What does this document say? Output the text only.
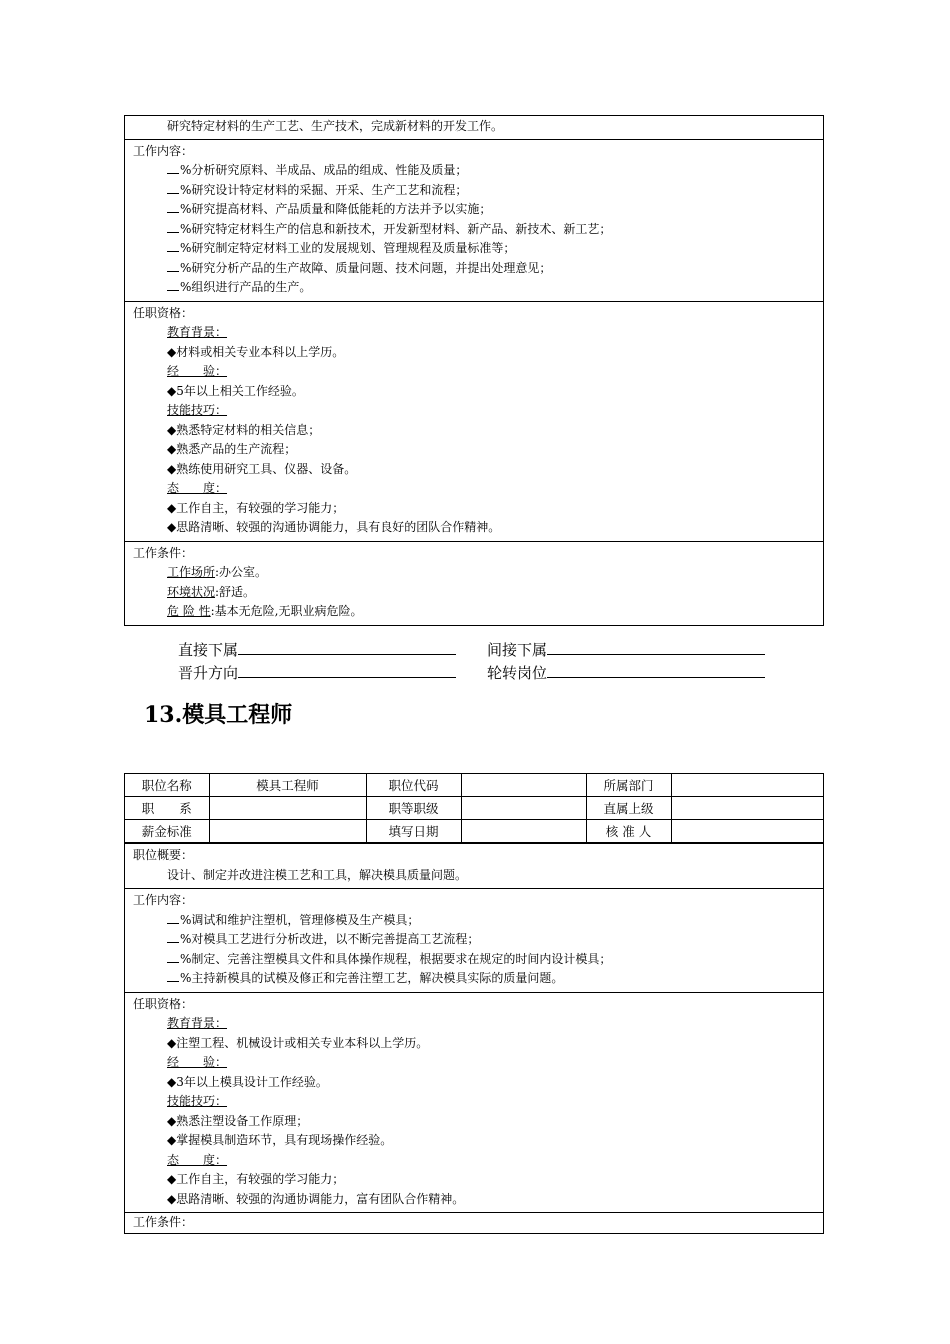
研究特定材料的生产工艺、生产技术，完成新材料的开发工作。
工作内容：
%分析研究原料、半成品、成品的组成、性能及质量；
%研究设计特定材料的采掘、开采、生产工艺和流程；
%研究提高材料、产品质量和降低能耗的方法并予以实施；
%研究特定材料生产的信息和新技术，开发新型材料、新产品、新技术、新工艺；
%研究制定特定材料工业的发展规划、管理规程及质量标准等；
%研究分析产品的生产故障、质量问题、技术问题，并提出处理意见；
%组织进行产品的生产。
任职资格：
教育背景：
◆材料或相关专业本科以上学历。
经　　验：
◆5年以上相关工作经验。
技能技巧：
◆熟悉特定材料的相关信息；
◆熟悉产品的生产流程；
◆熟练使用研究工具、仪器、设备。
态　　度：
◆工作自主，有较强的学习能力；
◆思路清晰、较强的沟通协调能力，具有良好的团队合作精神。
工作条件：
工作场所:办公室。
环境状况:舒适。
危 险 性:基本无危险,无职业病危险。
直接下属	间接下属
晋升方向	轮转岗位
13.模具工程师
职位名称	模具工程师	职位代码		所属部门	
职　　系		职等职级		直属上级	
薪金标准		填写日期		核 准 人	
职位概要：
设计、制定并改进注模工艺和工具，解决模具质量问题。
工作内容：
%调试和维护注塑机，管理修模及生产模具；
%对模具工艺进行分析改进，以不断完善提高工艺流程；
%制定、完善注塑模具文件和具体操作规程，根据要求在规定的时间内设计模具；
%主持新模具的试模及修正和完善注塑工艺，解决模具实际的质量问题。
任职资格：
教育背景：
◆注塑工程、机械设计或相关专业本科以上学历。
经　　验：
◆3年以上模具设计工作经验。
技能技巧：
◆熟悉注塑设备工作原理；
◆掌握模具制造环节，具有现场操作经验。
态　　度：
◆工作自主，有较强的学习能力；
◆思路清晰、较强的沟通协调能力，富有团队合作精神。
工作条件：
